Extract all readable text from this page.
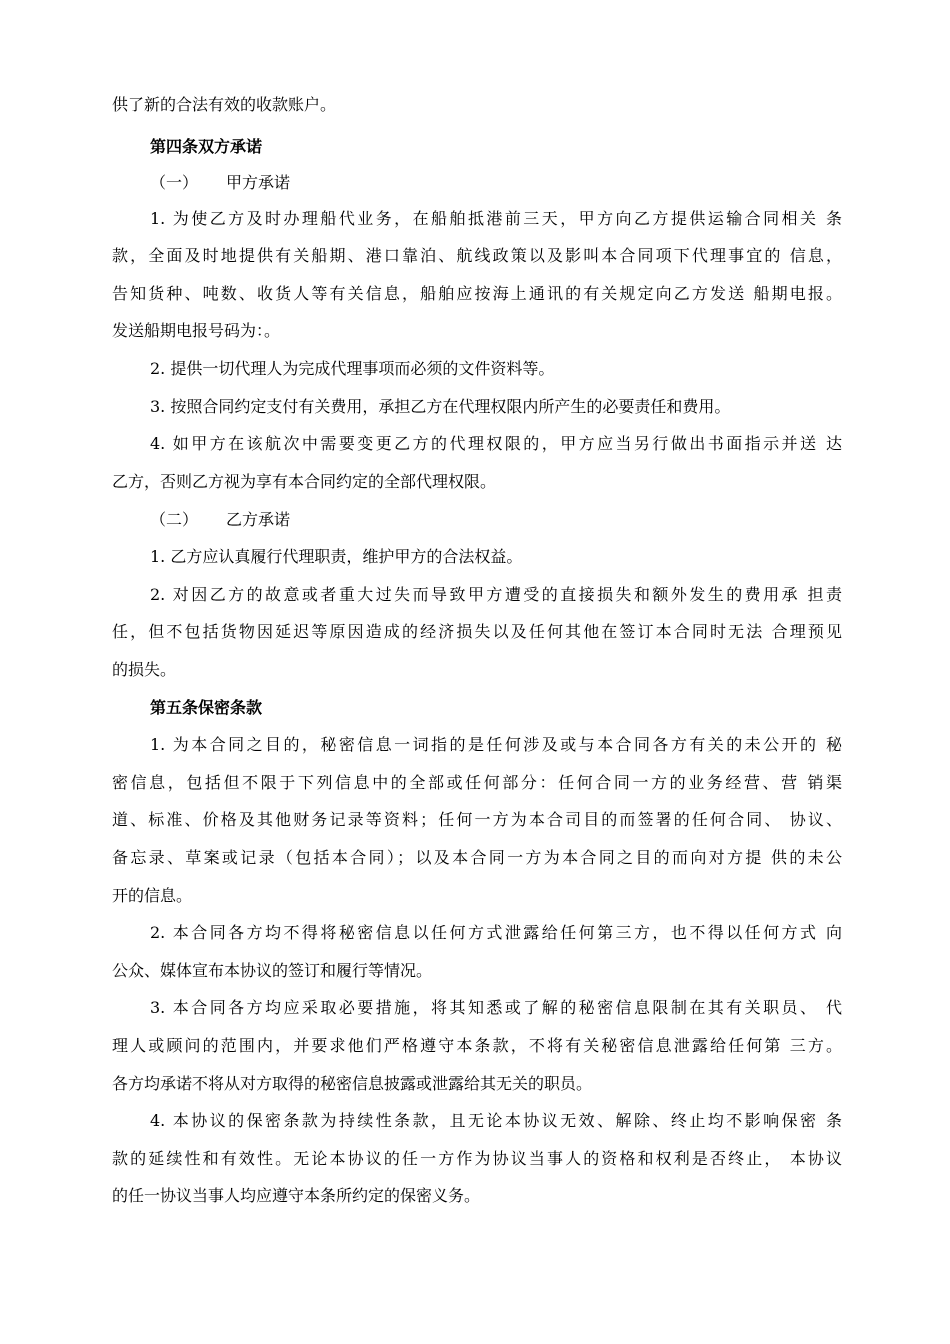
供了新的合法有效的收款账户。
第四条双方承诺
（一） 甲方承诺
1. 为使乙方及时办理船代业务，在船舶抵港前三天，甲方向乙方提供运输合同相关 条
款，全面及时地提供有关船期、港口靠泊、航线政策以及影叫本合同项下代理事宜的 信息，
告知货种、吨数、收货人等有关信息，船舶应按海上通讯的有关规定向乙方发送 船期电报。
发送船期电报号码为：。
2. 提供一切代理人为完成代理事项而必须的文件资料等。
3. 按照合同约定支付有关费用，承担乙方在代理权限内所产生的必要责任和费用。
4. 如甲方在该航次中需要变更乙方的代理权限的，甲方应当另行做出书面指示并送 达
乙方，否则乙方视为享有本合同约定的全部代理权限。
（二） 乙方承诺
1. 乙方应认真履行代理职责，维护甲方的合法权益。
2. 对因乙方的故意或者重大过失而导致甲方遭受的直接损失和额外发生的费用承 担责
任，但不包括货物因延迟等原因造成的经济损失以及任何其他在签订本合同时无法 合理预见
的损失。
第五条保密条款
1. 为本合同之目的，秘密信息一词指的是任何涉及或与本合同各方有关的未公开的 秘
密信息，包括但不限于下列信息中的全部或任何部分：任何合同一方的业务经营、营 销渠
道、标准、价格及其他财务记录等资料；任何一方为本合司目的而签署的任何合同、 协议、
备忘录、草案或记录（包括本合同）；以及本合同一方为本合同之目的而向对方提 供的未公
开的信息。
2. 本合同各方均不得将秘密信息以任何方式泄露给任何第三方，也不得以任何方式 向
公众、媒体宣布本协议的签订和履行等情况。
3. 本合同各方均应采取必要措施，将其知悉或了解的秘密信息限制在其有关职员、 代
理人或顾问的范围内，并要求他们严格遵守本条款，不将有关秘密信息泄露给任何第 三方。
各方均承诺不将从对方取得的秘密信息披露或泄露给其无关的职员。
4. 本协议的保密条款为持续性条款，且无论本协议无效、解除、终止均不影响保密 条
款的延续性和有效性。无论本协议的任一方作为协议当事人的资格和权利是否终止， 本协议
的任一协议当事人均应遵守本条所约定的保密义务。
